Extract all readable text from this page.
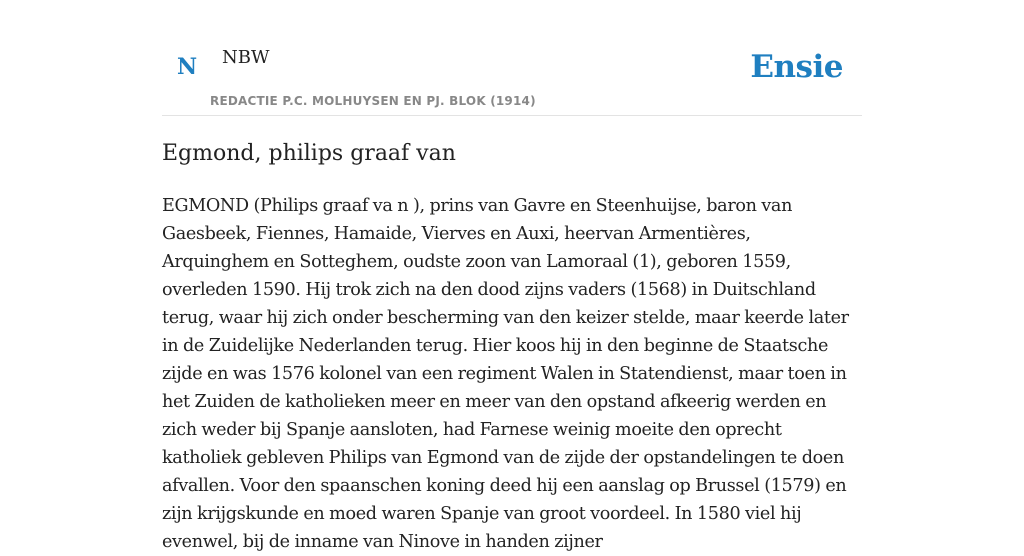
N NBW
REDACTIE P.C. MOLHUYSEN EN PJ. BLOK (1914)
Ensie
Egmond, philips graaf van

EGMOND (Philips graaf va n ), prins van Gavre en Steenhuijse, baron van Gaesbeek, Fiennes, Hamaide, Vierves en Auxi, heervan Armentières, Arquinghem en Sotteghem, oudste zoon van Lamoraal (1), geboren 1559, overleden 1590. Hij trok zich na den dood zijns vaders (1568) in Duitschland terug, waar hij zich onder bescherming van den keizer stelde, maar keerde later in de Zuidelijke Nederlanden terug. Hier koos hij in den beginne de Staatsche zijde en was 1576 kolonel van een regiment Walen in Statendienst, maar toen in het Zuiden de katholieken meer en meer van den opstand afkeerig werden en zich weder bij Spanje aansloten, had Farnese weinig moeite den oprecht katholiek gebleven Philips van Egmond van de zijde der opstandelingen te doen afvallen. Voor den spaanschen koning deed hij een aanslag op Brussel (1579) en zijn krijgskunde en moed waren Spanje van groot voordeel. In 1580 viel hij evenwel, bij de inname van Ninove in handen zijner
